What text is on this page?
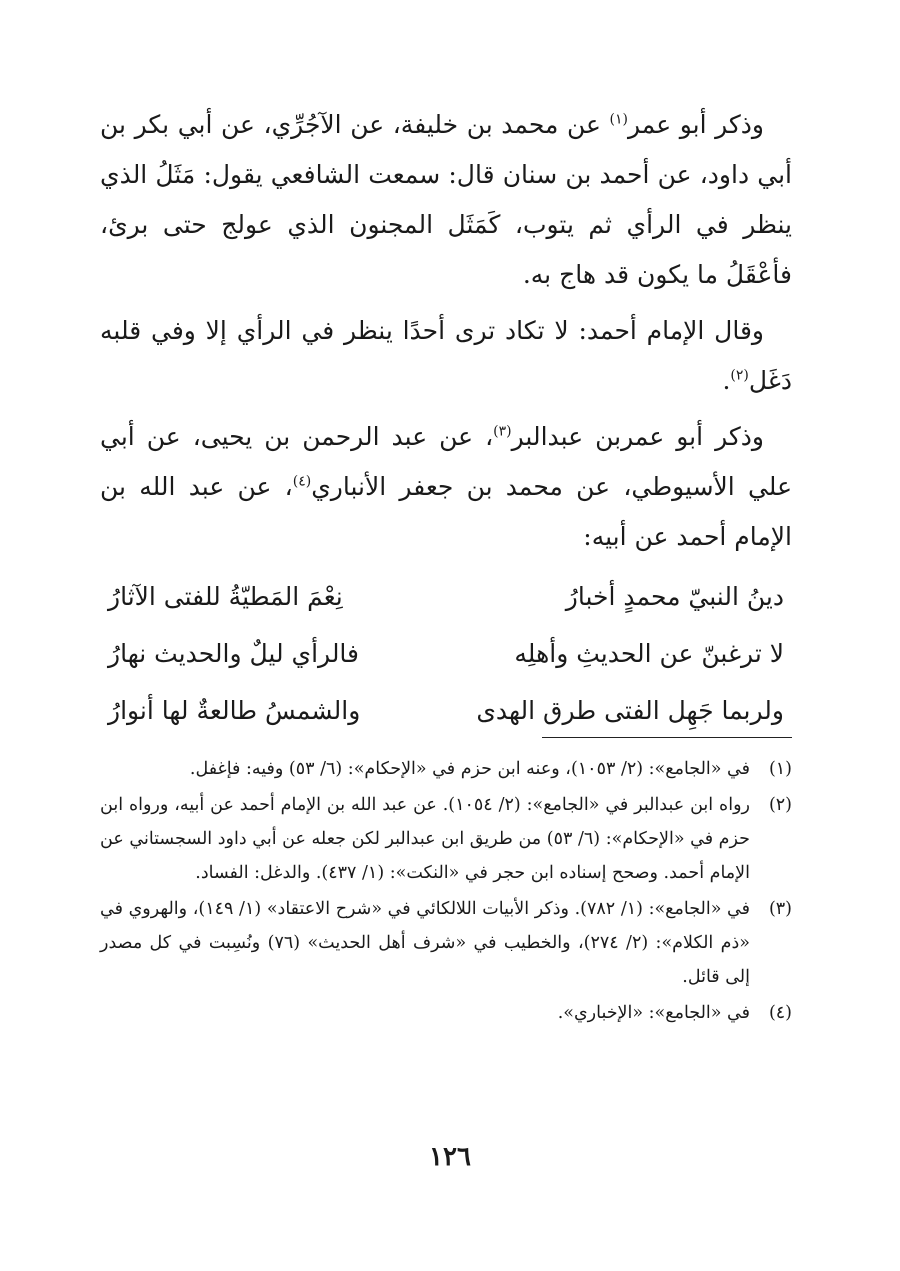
وذكر أبو عمر$^{(١)}$ عن محمد بن خليفة، عن الآجُرِّي، عن أبي بكر بن أبي داود، عن أحمد بن سنان قال: سمعت الشافعي يقول: مَثَلُ الذي ينظر في الرأي ثم يتوب، كَمَثَل المجنون الذي عولج حتى برئ، فأعْقَلُ ما يكون قد هاج به.

وقال الإمام أحمد: لا تكاد ترى أحدًا ينظر في الرأي إلا وفي قلبه دَغَل$^{(٢)}$.

وذكر أبو عمربن عبدالبر$^{(٣)}$، عن عبد الرحمن بن يحيى، عن أبي علي الأسيوطي، عن محمد بن جعفر الأنباري$^{(٤)}$، عن عبد الله بن الإمام أحمد عن أبيه:

دينُ النبيّ محمدٍ أخبارُ
نِعْمَ المَطيّةُ للفتى الآثارُ
لا ترغبنّ عن الحديثِ وأهلِه
فالرأي ليلٌ والحديث نهارُ
ولربما جَهِل الفتى طرق الهدى
والشمسُ طالعةٌ لها أنوارُ
(١)
في «الجامع»: (٢/ ١٠٥٣)، وعنه ابن حزم في «الإحكام»: (٦/ ٥٣) وفيه: فإغفل.
(٢)
رواه ابن عبدالبر في «الجامع»: (٢/ ١٠٥٤). عن عبد الله بن الإمام أحمد عن أبيه، ورواه ابن حزم في «الإحكام»: (٦/ ٥٣) من طريق ابن عبدالبر لكن جعله عن أبي داود السجستاني عن الإمام أحمد. وصحح إسناده ابن حجر في «النكت»: (١/ ٤٣٧). والدغل: الفساد.
(٣)
في «الجامع»: (١/ ٧٨٢). وذكر الأبيات اللالكائي في «شرح الاعتقاد» (١/ ١٤٩)، والهروي في «ذم الكلام»: (٢/ ٢٧٤)، والخطيب في «شرف أهل الحديث» (٧٦) ونُسِبت في كل مصدر إلى قائل.
(٤)
في «الجامع»: «الإخباري».
١٢٦
